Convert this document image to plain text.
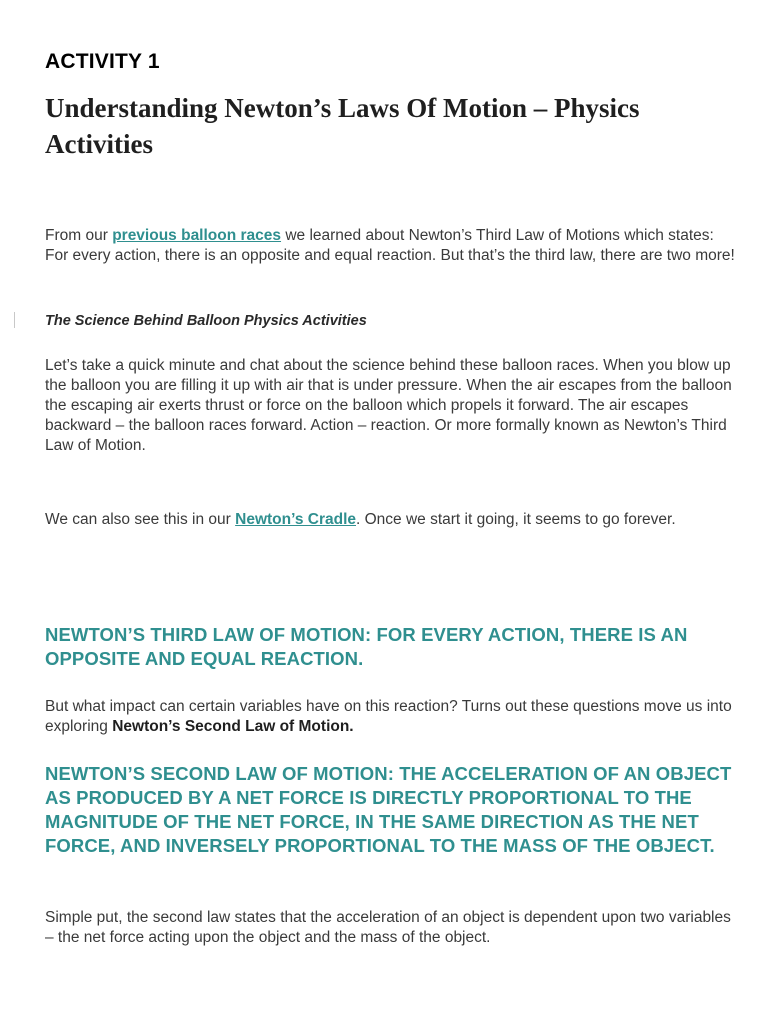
ACTIVITY 1
Understanding Newton’s Laws Of Motion – Physics Activities

From our previous balloon races we learned about Newton’s Third Law of Motions which states: For every action, there is an opposite and equal reaction. But that’s the third law, there are two more!

The Science Behind Balloon Physics Activities

Let’s take a quick minute and chat about the science behind these balloon races. When you blow up the balloon you are filling it up with air that is under pressure. When the air escapes from the balloon the escaping air exerts thrust or force on the balloon which propels it forward. The air escapes backward – the balloon races forward. Action – reaction. Or more formally known as Newton’s Third Law of Motion.

We can also see this in our Newton’s Cradle. Once we start it going, it seems to go forever.

NEWTON’S THIRD LAW OF MOTION: FOR EVERY ACTION, THERE IS AN OPPOSITE AND EQUAL REACTION.

But what impact can certain variables have on this reaction? Turns out these questions move us into exploring Newton’s Second Law of Motion.

NEWTON’S SECOND LAW OF MOTION: THE ACCELERATION OF AN OBJECT AS PRODUCED BY A NET FORCE IS DIRECTLY PROPORTIONAL TO THE MAGNITUDE OF THE NET FORCE, IN THE SAME DIRECTION AS THE NET FORCE, AND INVERSELY PROPORTIONAL TO THE MASS OF THE OBJECT.

Simple put, the second law states that the acceleration of an object is dependent upon two variables – the net force acting upon the object and the mass of the object.
